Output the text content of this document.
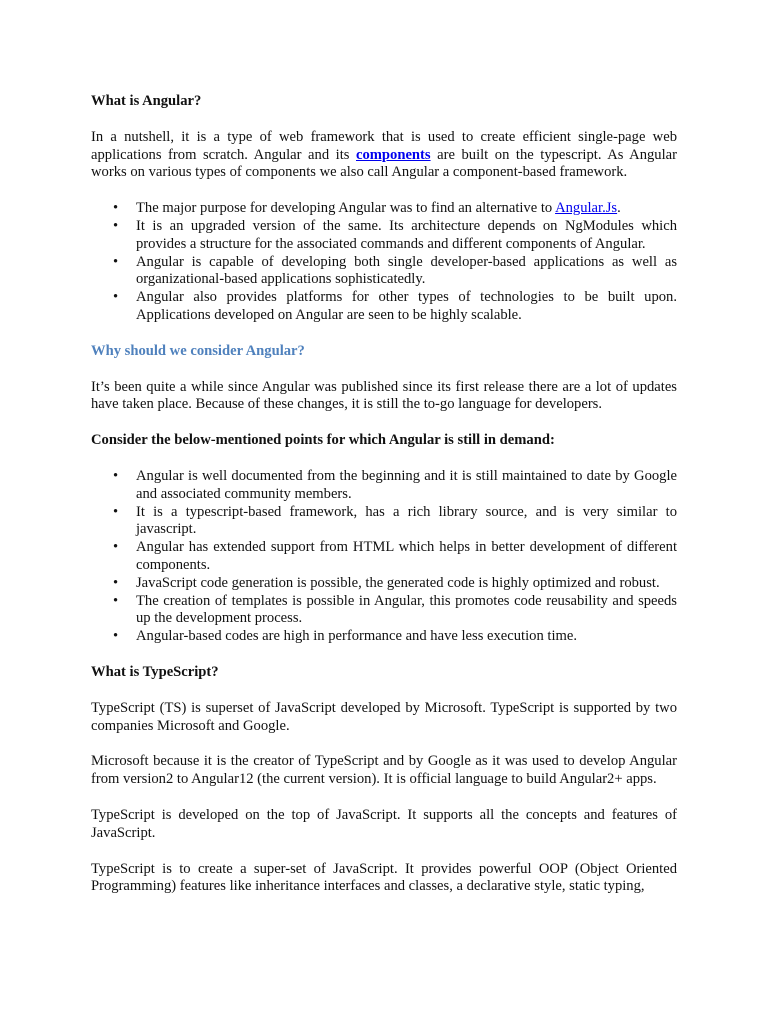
What is Angular?

In a nutshell, it is a type of web framework that is used to create efficient single-page web applications from scratch. Angular and its components are built on the typescript. As Angular works on various types of components we also call Angular a component-based framework.

• The major purpose for developing Angular was to find an alternative to Angular.Js.
• It is an upgraded version of the same. Its architecture depends on NgModules which provides a structure for the associated commands and different components of Angular.
• Angular is capable of developing both single developer-based applications as well as organizational-based applications sophisticatedly.
• Angular also provides platforms for other types of technologies to be built upon. Applications developed on Angular are seen to be highly scalable.

Why should we consider Angular?

It’s been quite a while since Angular was published since its first release there are a lot of updates have taken place. Because of these changes, it is still the to-go language for developers.

Consider the below-mentioned points for which Angular is still in demand:

• Angular is well documented from the beginning and it is still maintained to date by Google and associated community members.
• It is a typescript-based framework, has a rich library source, and is very similar to javascript.
• Angular has extended support from HTML which helps in better development of different components.
• JavaScript code generation is possible, the generated code is highly optimized and robust.
• The creation of templates is possible in Angular, this promotes code reusability and speeds up the development process.
• Angular-based codes are high in performance and have less execution time.

What is TypeScript?

TypeScript (TS) is superset of JavaScript developed by Microsoft. TypeScript is supported by two companies Microsoft and Google.

Microsoft because it is the creator of TypeScript and by Google as it was used to develop Angular from version2 to Angular12 (the current version). It is official language to build Angular2+ apps.

TypeScript is developed on the top of JavaScript. It supports all the concepts and features of JavaScript.

TypeScript is to create a super-set of JavaScript. It provides powerful OOP (Object Oriented Programming) features like inheritance interfaces and classes, a declarative style, static typing,
